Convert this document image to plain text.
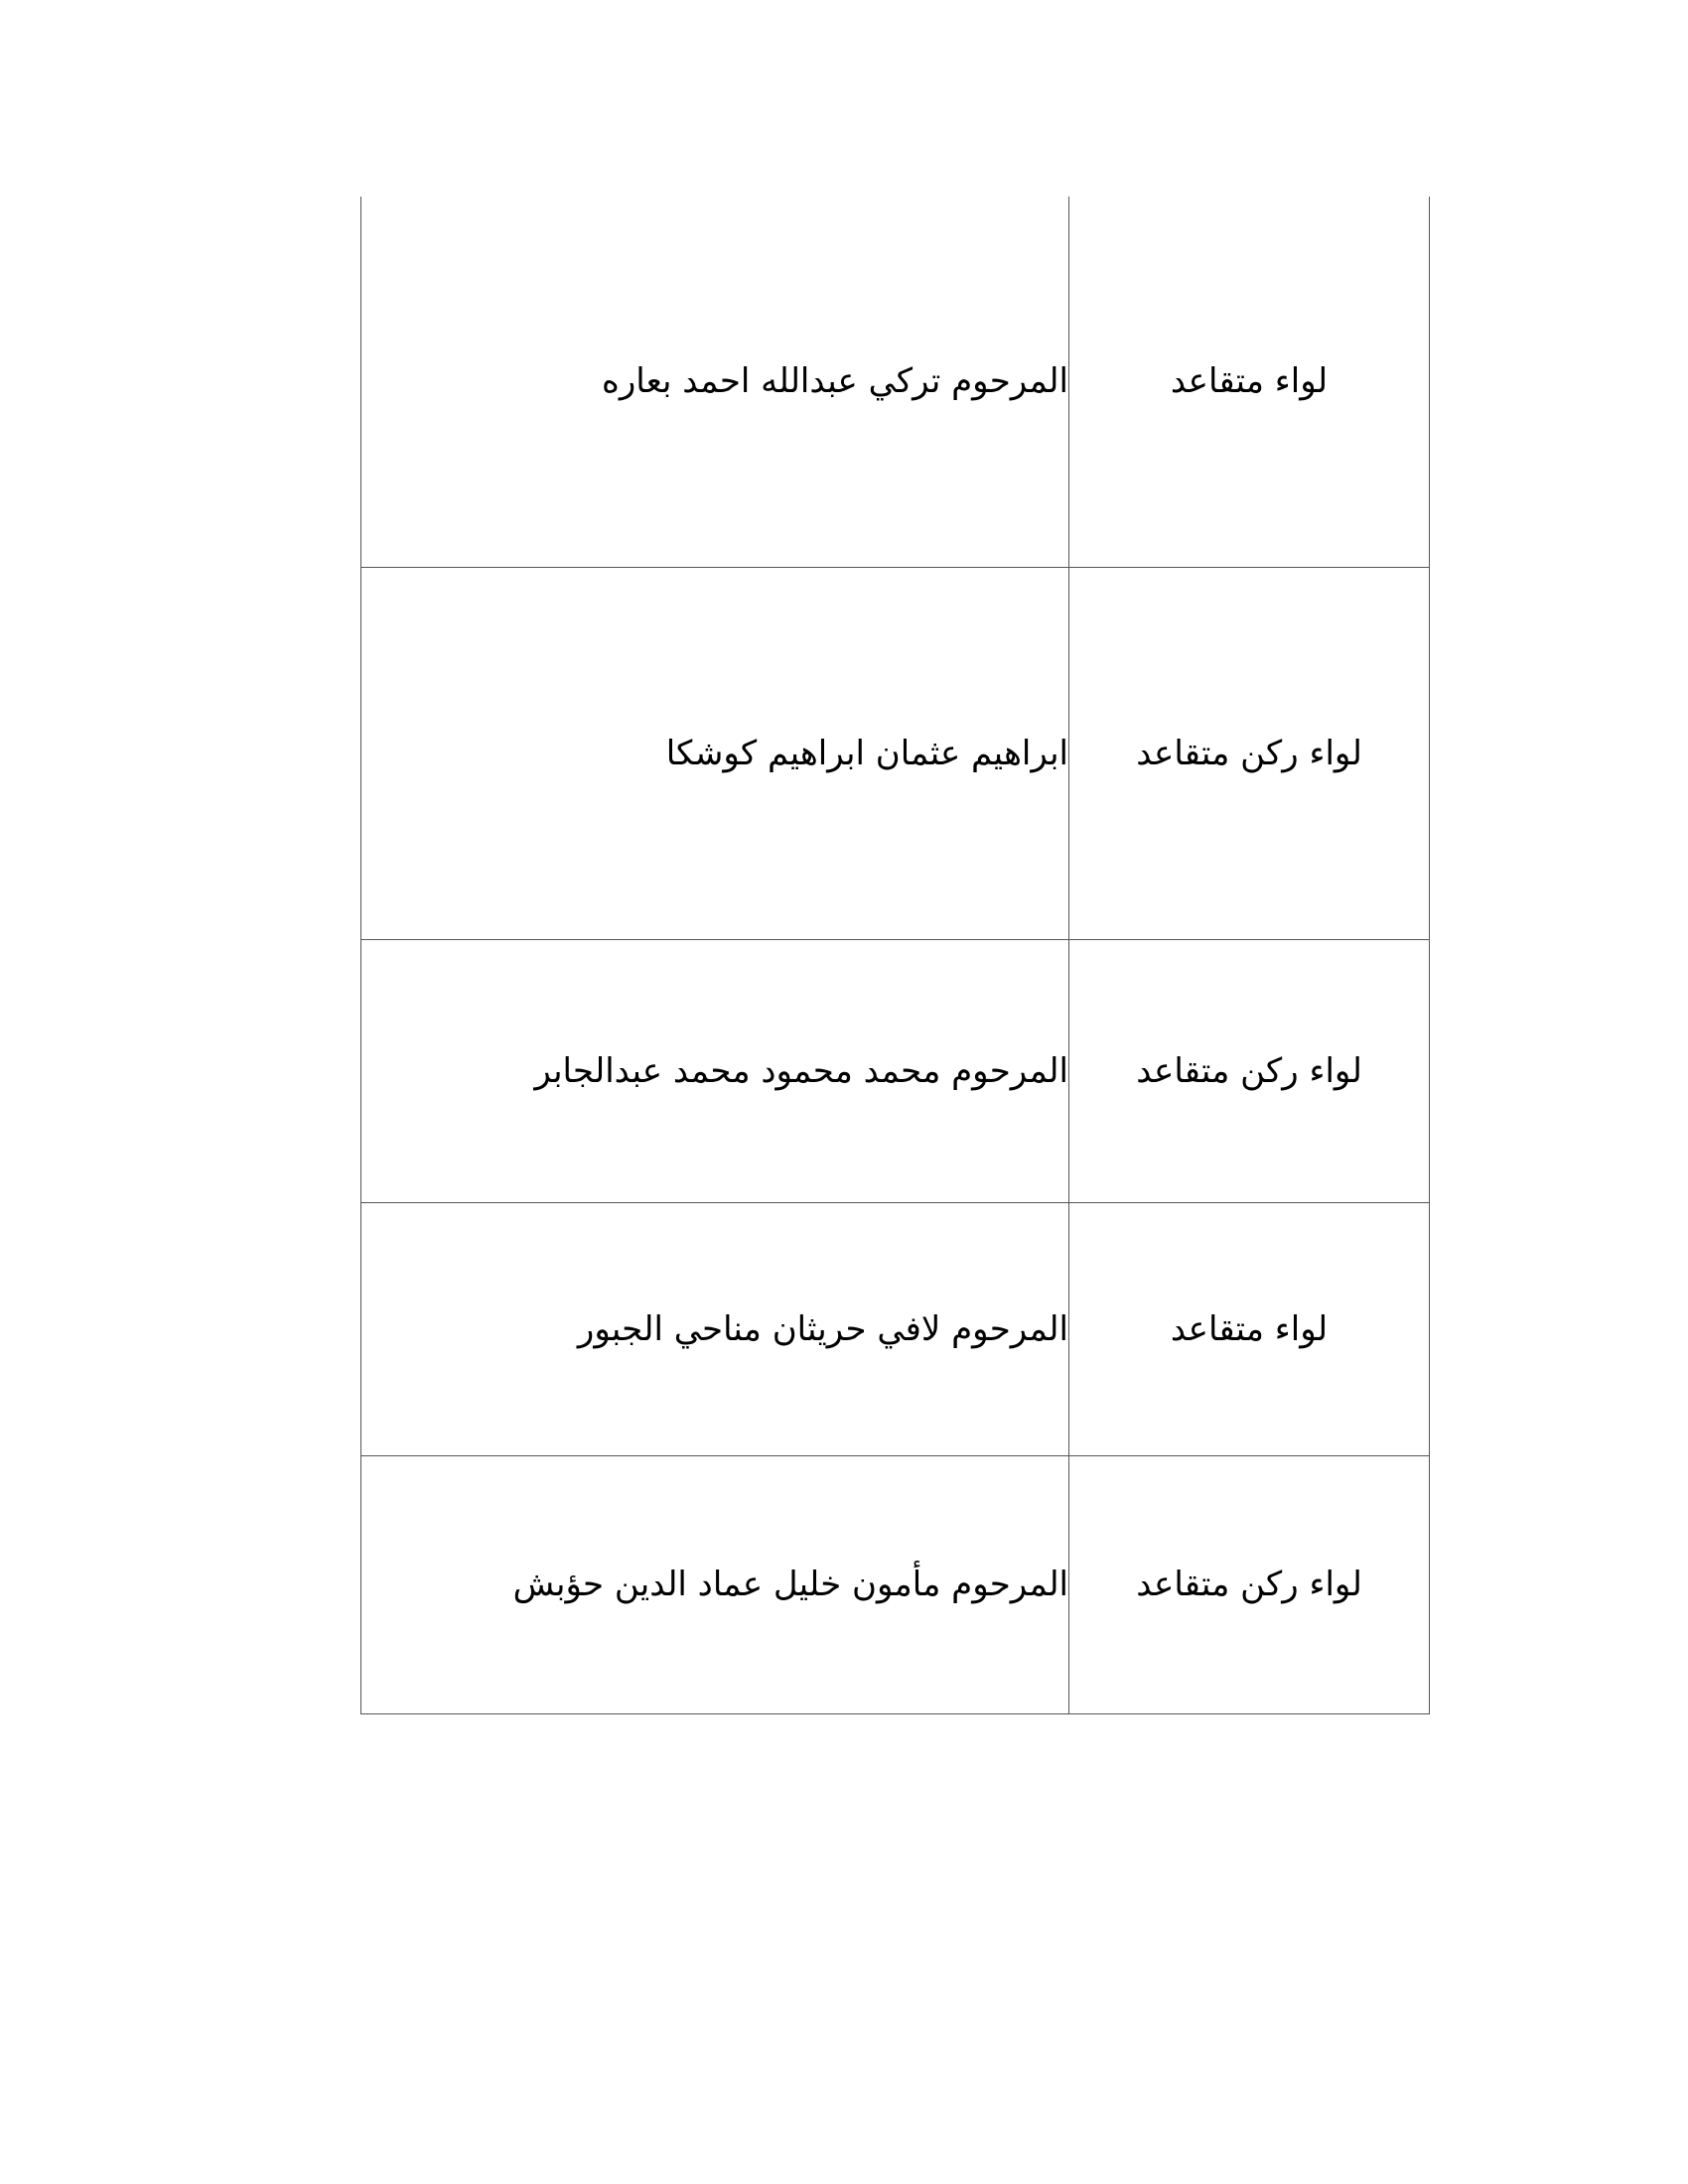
لواء متقاعد	المرحوم تركي عبدالله احمد بعاره
لواء ركن متقاعد	ابراهيم عثمان ابراهيم كوشكا
لواء ركن متقاعد	المرحوم محمد محمود محمد عبدالجابر
لواء متقاعد	المرحوم لافي حريثان مناحي الجبور
لواء ركن متقاعد	المرحوم مأمون خليل عماد الدين حؤبش
